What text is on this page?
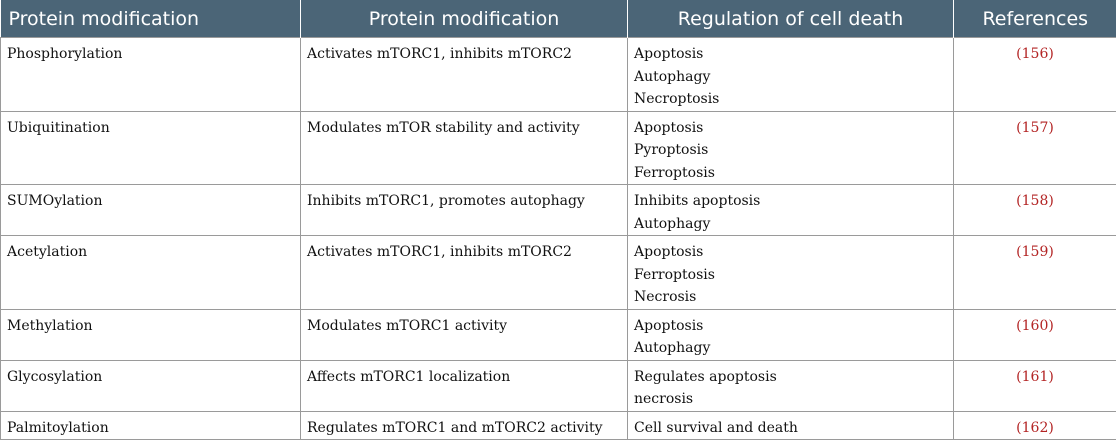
Protein modification	Protein modification	Regulation of cell death	References
Phosphorylation	Activates mTORC1, inhibits mTORC2	Apoptosis
Autophagy
Necroptosis	(156)
Ubiquitination	Modulates mTOR stability and activity	Apoptosis
Pyroptosis
Ferroptosis	(157)
SUMOylation	Inhibits mTORC1, promotes autophagy	Inhibits apoptosis
Autophagy	(158)
Acetylation	Activates mTORC1, inhibits mTORC2	Apoptosis
Ferroptosis
Necrosis	(159)
Methylation	Modulates mTORC1 activity	Apoptosis
Autophagy	(160)
Glycosylation	Affects mTORC1 localization	Regulates apoptosis
necrosis	(161)
Palmitoylation	Regulates mTORC1 and mTORC2 activity	Cell survival and death	(162)
